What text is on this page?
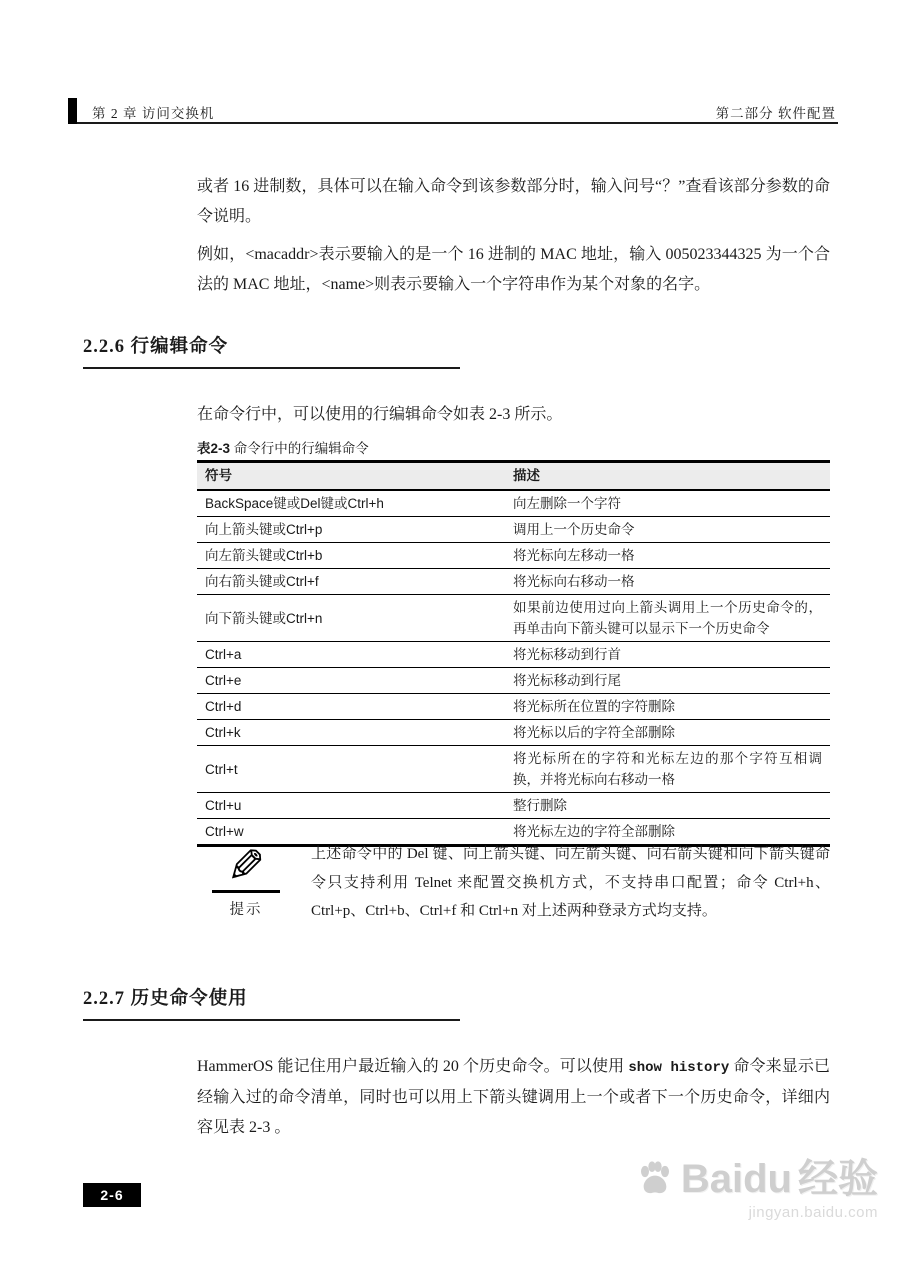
第 2 章 访问交换机	第二部分 软件配置

或者 16 进制数，具体可以在输入命令到该参数部分时，输入问号“？”查看该部分参数的命令说明。

例如，<macaddr>表示要输入的是一个 16 进制的 MAC 地址，输入 005023344325 为一个合法的 MAC 地址，<name>则表示要输入一个字符串作为某个对象的名字。

2.2.6 行编辑命令

在命令行中，可以使用的行编辑命令如表 2-3 所示。

表2-3 命令行中的行编辑命令

符号	描述
BackSpace键或Del键或Ctrl+h	向左删除一个字符
向上箭头键或Ctrl+p	调用上一个历史命令
向左箭头键或Ctrl+b	将光标向左移动一格
向右箭头键或Ctrl+f	将光标向右移动一格
向下箭头键或Ctrl+n	如果前边使用过向上箭头调用上一个历史命令的，再单击向下箭头键可以显示下一个历史命令
Ctrl+a	将光标移动到行首
Ctrl+e	将光标移动到行尾
Ctrl+d	将光标所在位置的字符删除
Ctrl+k	将光标以后的字符全部删除
Ctrl+t	将光标所在的字符和光标左边的那个字符互相调换，并将光标向右移动一格
Ctrl+u	整行删除
Ctrl+w	将光标左边的字符全部删除
✎
提示

上述命令中的 Del 键、向上箭头键、向左箭头键、向右箭头键和向下箭头键命令只支持利用 Telnet 来配置交换机方式，不支持串口配置；命令 Ctrl+h、Ctrl+p、Ctrl+b、Ctrl+f 和 Ctrl+n 对上述两种登录方式均支持。

2.2.7 历史命令使用

HammerOS 能记住用户最近输入的 20 个历史命令。可以使用 show history 命令来显示已经输入过的命令清单，同时也可以用上下箭头键调用上一个或者下一个历史命令，详细内容见表 2-3 。

2-6	Baidu 经验
jingyan.baidu.com
